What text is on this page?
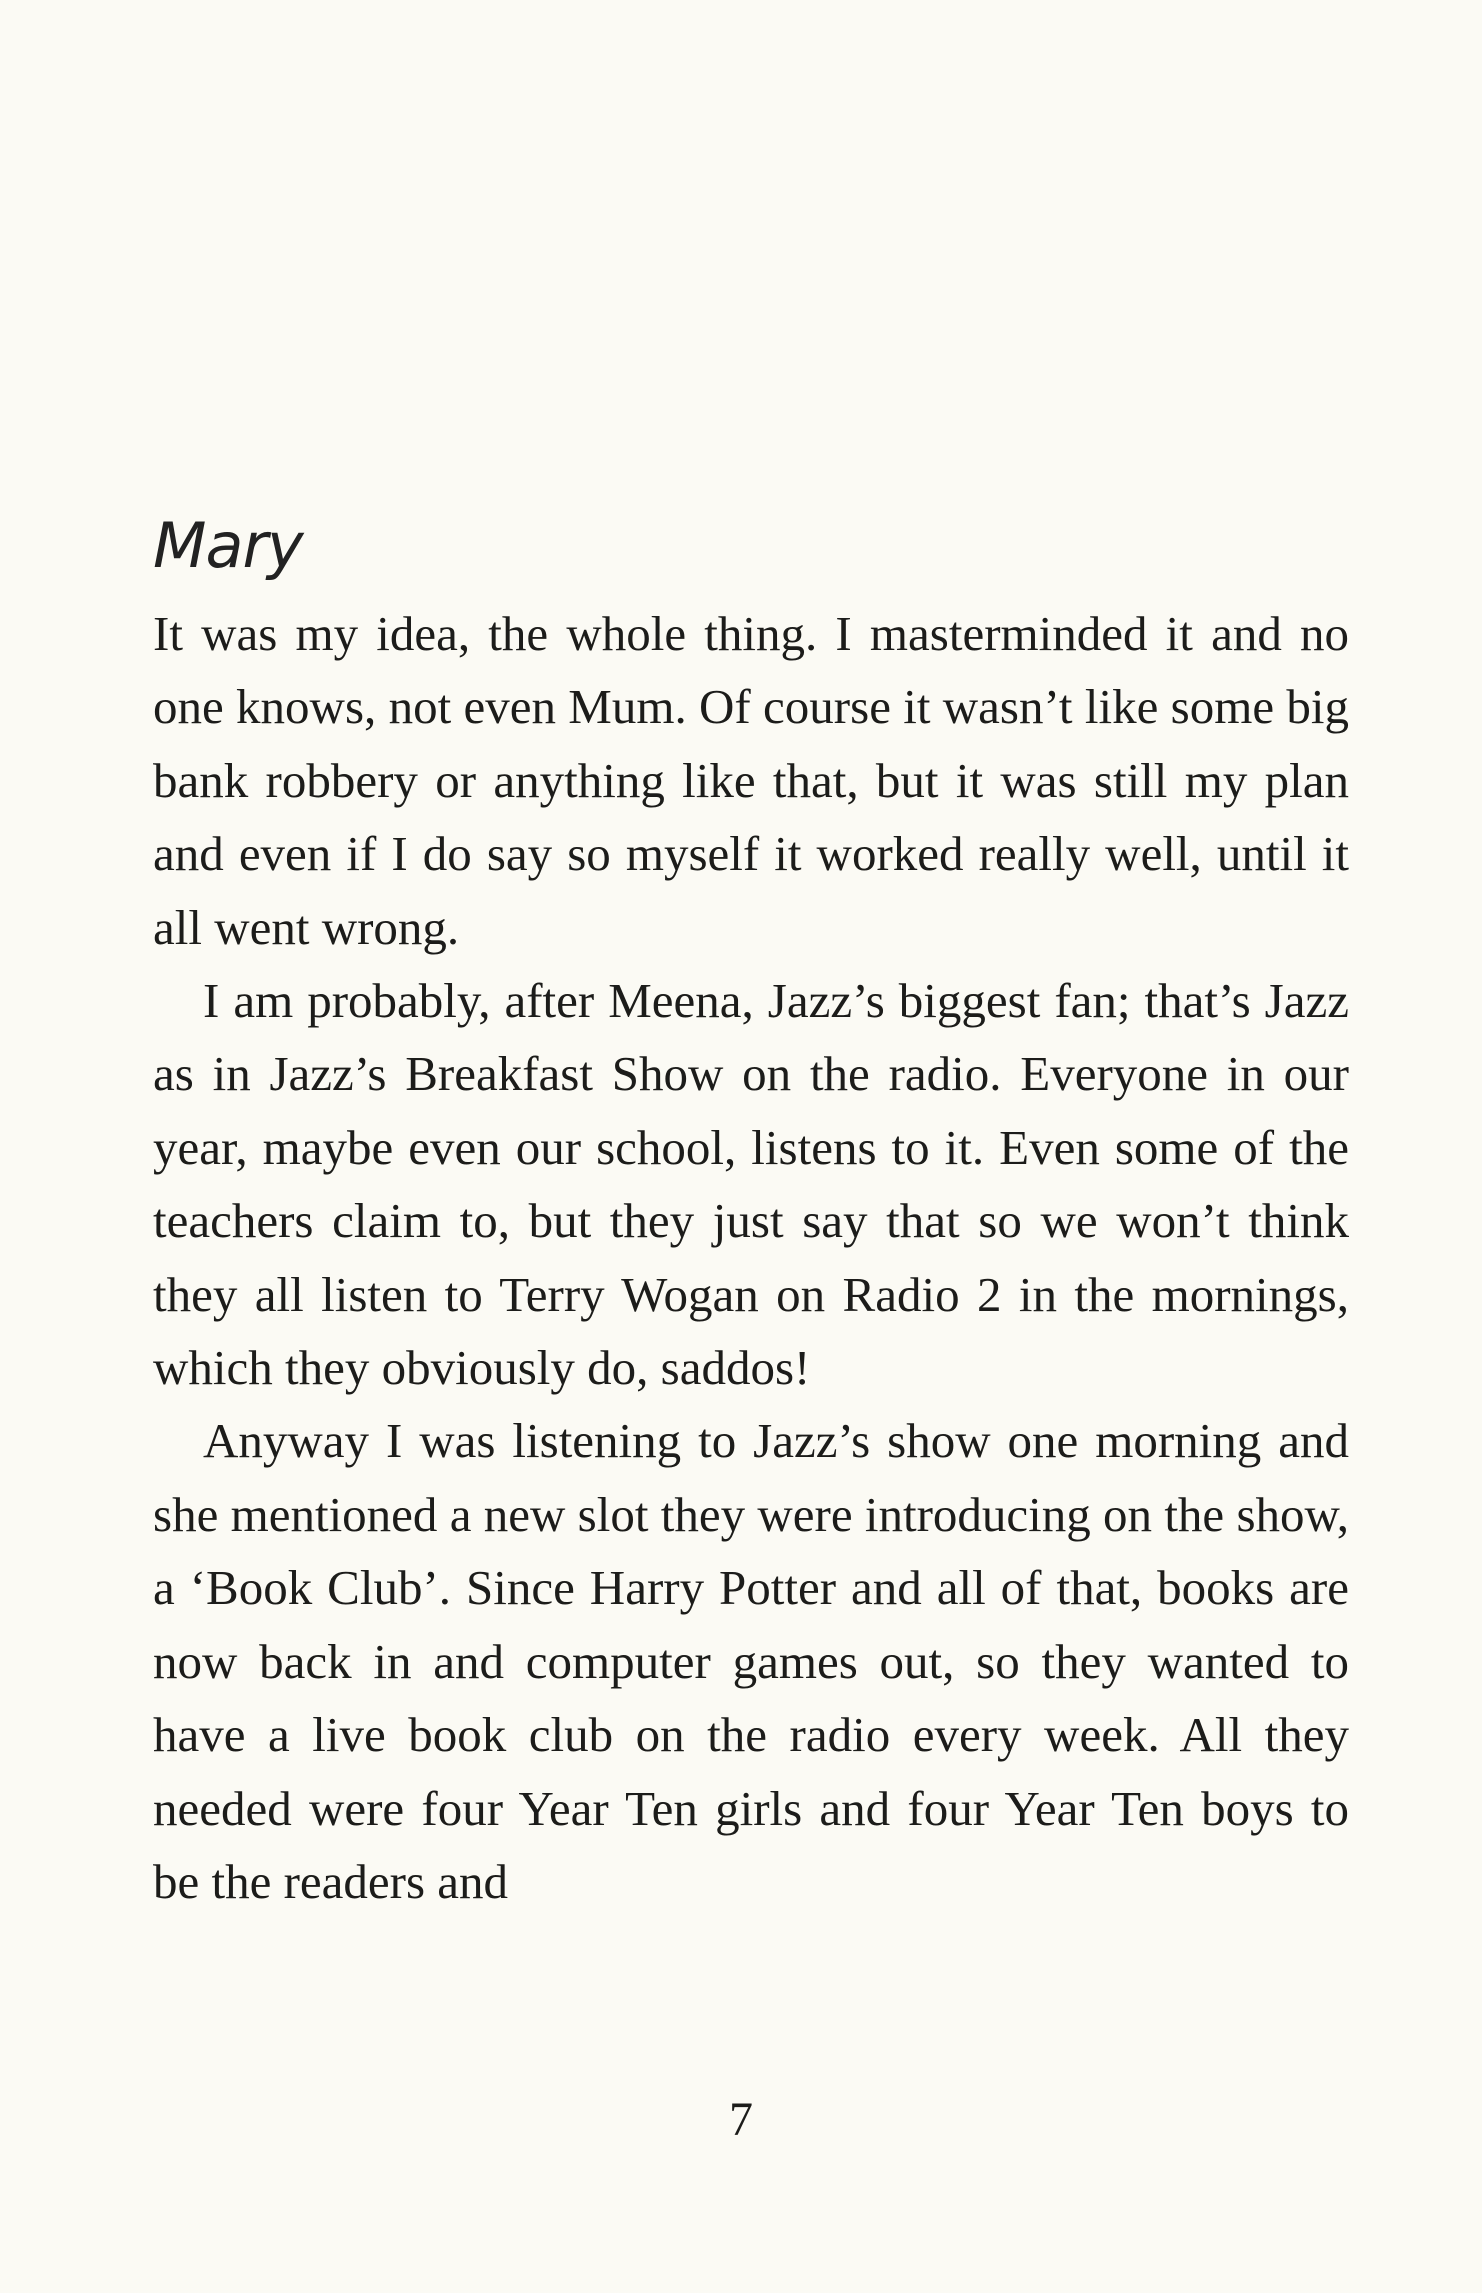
Mary

It was my idea, the whole thing. I masterminded it and no one knows, not even Mum. Of course it wasn’t like some big bank robbery or anything like that, but it was still my plan and even if I do say so myself it worked really well, until it all went wrong.

I am probably, after Meena, Jazz’s biggest fan; that’s Jazz as in Jazz’s Breakfast Show on the radio. Everyone in our year, maybe even our school, listens to it. Even some of the teachers claim to, but they just say that so we won’t think they all listen to Terry Wogan on Radio 2 in the mornings, which they obviously do, saddos!

Anyway I was listening to Jazz’s show one morning and she mentioned a new slot they were introducing on the show, a ‘Book Club’. Since Harry Potter and all of that, books are now back in and computer games out, so they wanted to have a live book club on the radio every week. All they needed were four Year Ten girls and four Year Ten boys to be the readers and

7
